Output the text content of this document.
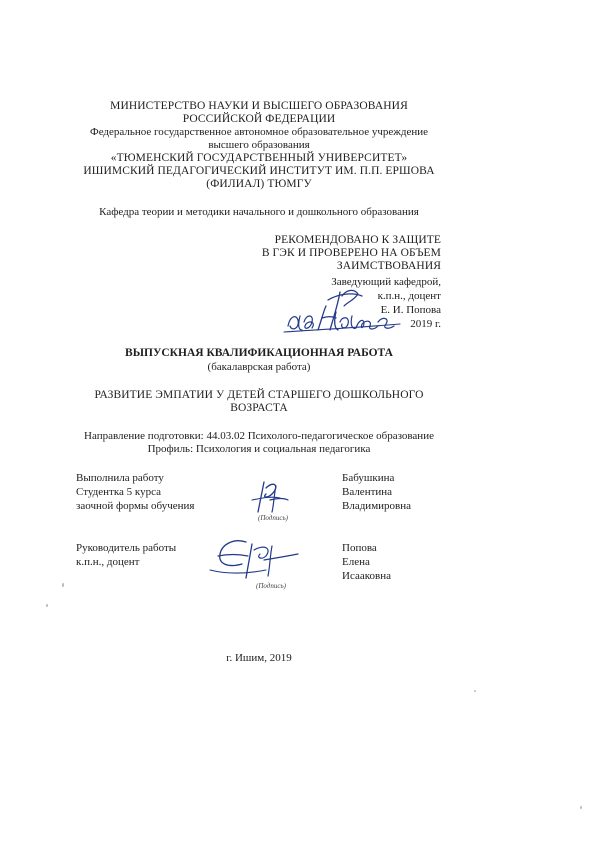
МИНИСТЕРСТВО НАУКИ И ВЫСШЕГО ОБРАЗОВАНИЯ
РОССИЙСКОЙ ФЕДЕРАЦИИ
Федеральное государственное автономное образовательное учреждение
высшего образования
«ТЮМЕНСКИЙ ГОСУДАРСТВЕННЫЙ УНИВЕРСИТЕТ»
ИШИМСКИЙ ПЕДАГОГИЧЕСКИЙ ИНСТИТУТ ИМ. П.П. ЕРШОВА
(ФИЛИАЛ) ТЮМГУ
Кафедра теории и методики начального и дошкольного образования
РЕКОМЕНДОВАНО К ЗАЩИТЕ
В ГЭК И ПРОВЕРЕНО НА ОБЪЕМ
ЗАИМСТВОВАНИЯ
Заведующий кафедрой,
к.п.н., доцент
Е. И. Попова
2019 г.
ВЫПУСКНАЯ КВАЛИФИКАЦИОННАЯ РАБОТА
(бакалаврская работа)
РАЗВИТИЕ ЭМПАТИИ У ДЕТЕЙ СТАРШЕГО ДОШКОЛЬНОГО
ВОЗРАСТА
Направление подготовки: 44.03.02 Психолого-педагогическое образование
Профиль: Психология и социальная педагогика
Выполнила работу
Студентка 5 курса
заочной формы обучения
(Подпись)
Бабушкина
Валентина
Владимировна
Руководитель работы
к.п.н., доцент
(Подпись)
Попова
Елена
Исааковна
г. Ишим, 2019
